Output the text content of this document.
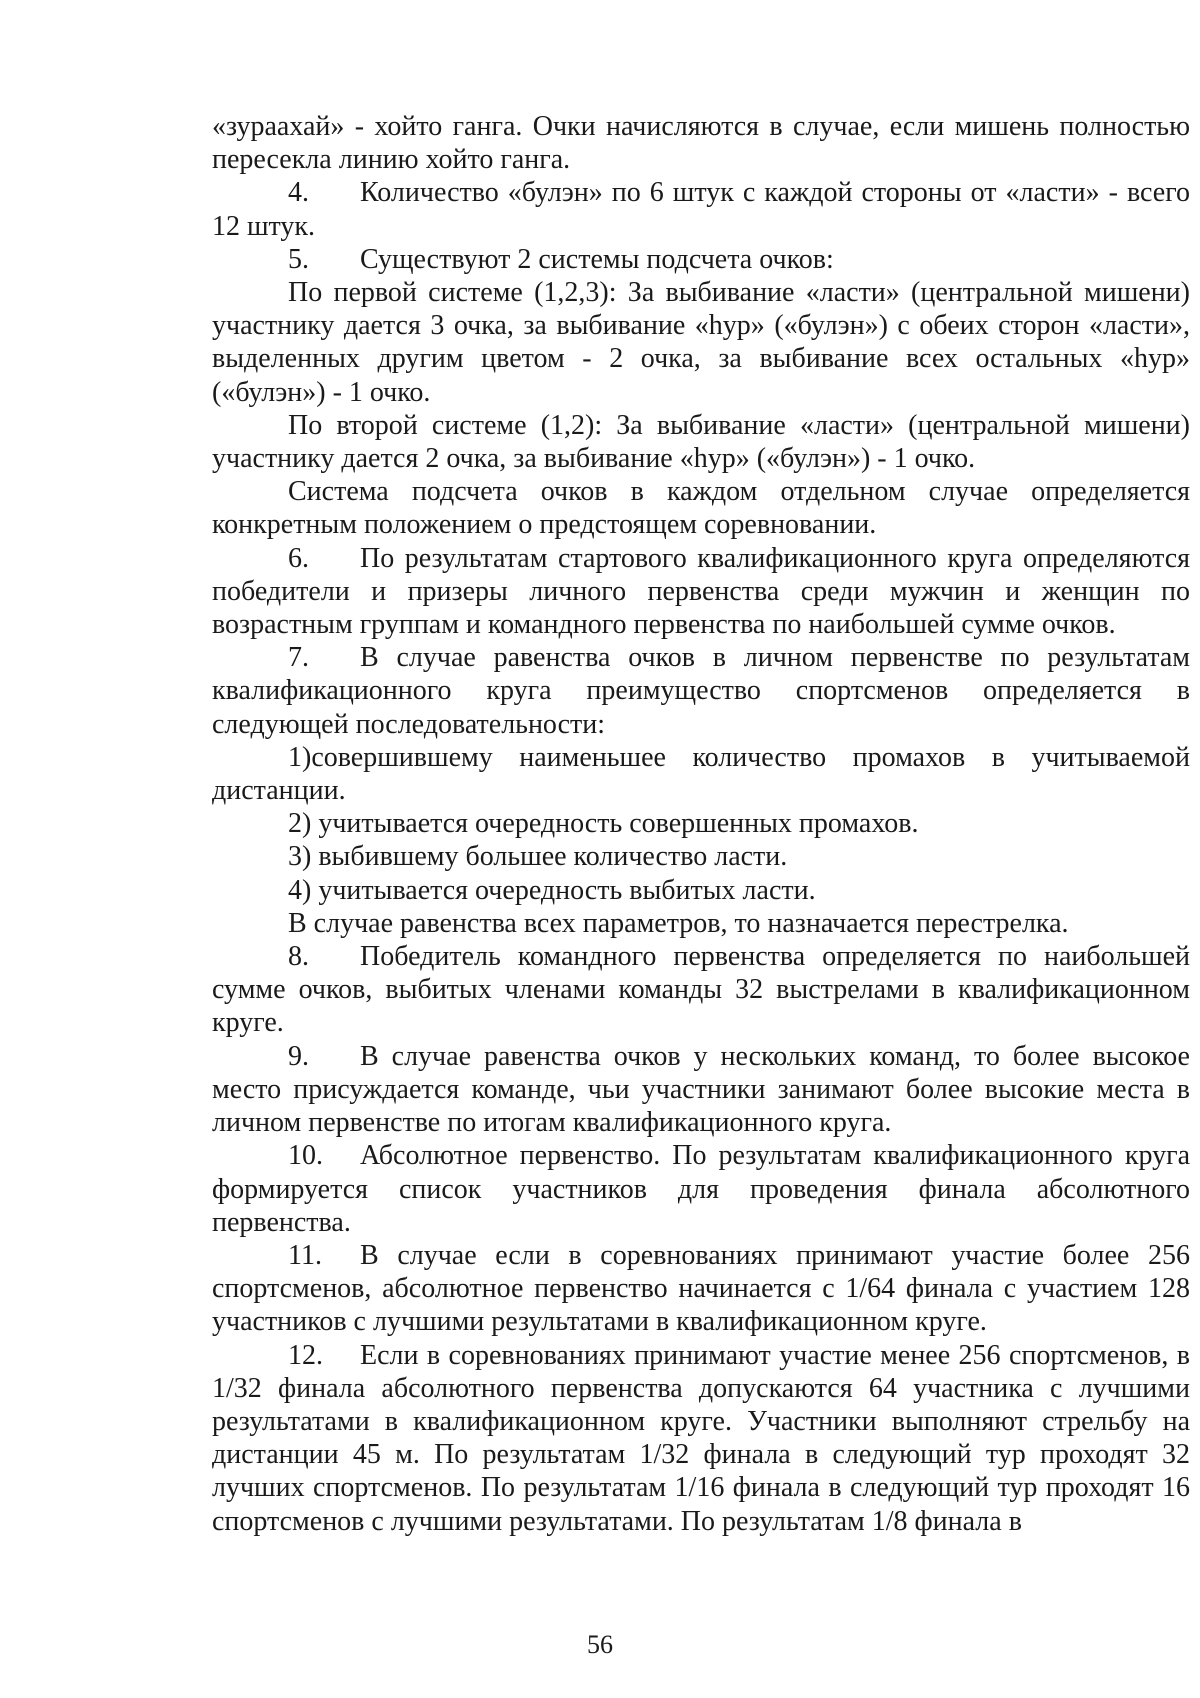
«зураахай» - хойто ганга. Очки начисляются в случае, если мишень полностью пересекла линию хойто ганга.

4. Количество «булэн» по 6 штук с каждой стороны от «ласти» - всего 12 штук.

5. Существуют 2 системы подсчета очков:

По первой системе (1,2,3): За выбивание «ласти» (центральной мишени) участнику дается 3 очка, за выбивание «hур» («булэн») с обеих сторон «ласти», выделенных другим цветом - 2 очка, за выбивание всех остальных «hур» («булэн») - 1 очко.

По второй системе (1,2): За выбивание «ласти» (центральной мишени) участнику дается 2 очка, за выбивание «hур» («булэн») - 1 очко.

Система подсчета очков в каждом отдельном случае определяется конкретным положением о предстоящем соревновании.

6. По результатам стартового квалификационного круга определяются победители и призеры личного первенства среди мужчин и женщин по возрастным группам и командного первенства по наибольшей сумме очков.

7. В случае равенства очков в личном первенстве по результатам квалификационного круга преимущество спортсменов определяется в следующей последовательности:

1)совершившему наименьшее количество промахов в учитываемой дистанции.

2) учитывается очередность совершенных промахов.

3) выбившему большее количество ласти.

4) учитывается очередность выбитых ласти.

В случае равенства всех параметров, то назначается перестрелка.

8. Победитель командного первенства определяется по наибольшей сумме очков, выбитых членами команды 32 выстрелами в квалификационном круге.

9. В случае равенства очков у нескольких команд, то более высокое место присуждается команде, чьи участники занимают более высокие места в личном первенстве по итогам квалификационного круга.

10. Абсолютное первенство. По результатам квалификационного круга формируется список участников для проведения финала абсолютного первенства.

11. В случае если в соревнованиях принимают участие более 256 спортсменов, абсолютное первенство начинается с 1/64 финала с участием 128 участников с лучшими результатами в квалификационном круге.

12. Если в соревнованиях принимают участие менее 256 спортсменов, в 1/32 финала абсолютного первенства допускаются 64 участника с лучшими результатами в квалификационном круге. Участники выполняют стрельбу на дистанции 45 м. По результатам 1/32 финала в следующий тур проходят 32 лучших спортсменов. По результатам 1/16 финала в следующий тур проходят 16 спортсменов с лучшими результатами. По результатам 1/8 финала в

56
